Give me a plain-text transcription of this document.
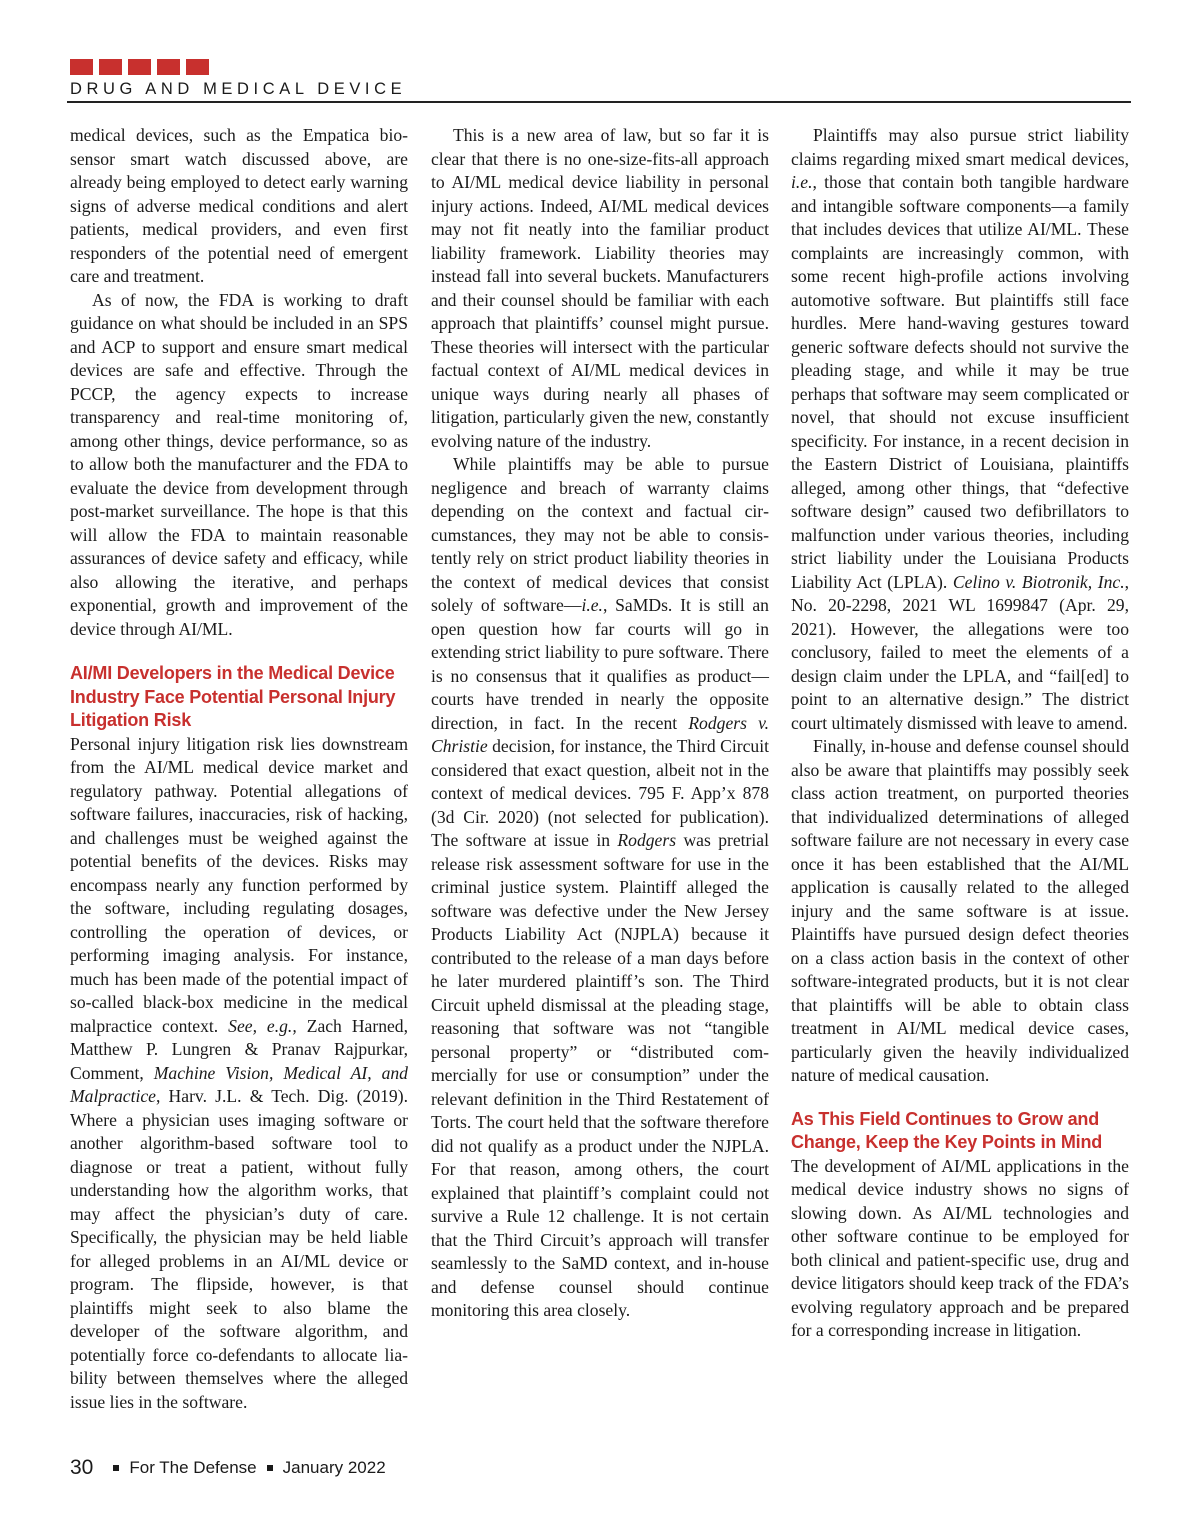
DRUG AND MEDICAL DEVICE

medical devices, such as the Empatica biosensor smart watch discussed above, are already being employed to detect early warning signs of adverse medical conditions and alert patients, medical providers, and even first responders of the potential need of emergent care and treatment.

As of now, the FDA is working to draft guidance on what should be included in an SPS and ACP to support and ensure smart medical devices are safe and effective. Through the PCCP, the agency expects to increase transparency and real-time monitoring of, among other things, device performance, so as to allow both the manufacturer and the FDA to evaluate the device from development through post-market surveillance. The hope is that this will allow the FDA to maintain reasonable assurances of device safety and efficacy, while also allowing the iterative, and perhaps exponential, growth and improvement of the device through AI/ML.

AI/MI Developers in the Medical Device Industry Face Potential Personal Injury Litigation Risk

Personal injury litigation risk lies downstream from the AI/ML medical device market and regulatory pathway. Potential allegations of software failures, inaccuracies, risk of hacking, and challenges must be weighed against the potential benefits of the devices. Risks may encompass nearly any function performed by the software, including regulating dosages, controlling the operation of devices, or performing imaging analysis. For instance, much has been made of the potential impact of so-called black-box medicine in the medical malpractice context. See, e.g., Zach Harned, Matthew P. Lungren & Pranav Rajpurkar, Comment, Machine Vision, Medical AI, and Malpractice, Harv. J.L. & Tech. Dig. (2019). Where a physician uses imaging software or another algorithm-based software tool to diagnose or treat a patient, without fully understanding how the algorithm works, that may affect the physician’s duty of care. Specifically, the physician may be held liable for alleged problems in an AI/ML device or program. The flipside, however, is that plaintiffs might seek to also blame the developer of the software algorithm, and potentially force co-defendants to allocate liability between themselves where the alleged issue lies in the software.

This is a new area of law, but so far it is clear that there is no one-size-fits-all approach to AI/ML medical device liability in personal injury actions. Indeed, AI/ML medical devices may not fit neatly into the familiar product liability framework. Liability theories may instead fall into several buckets. Manufacturers and their counsel should be familiar with each approach that plaintiffs’ counsel might pursue. These theories will intersect with the particular factual context of AI/ML medical devices in unique ways during nearly all phases of litigation, particularly given the new, constantly evolving nature of the industry.

While plaintiffs may be able to pursue negligence and breach of warranty claims depending on the context and factual circumstances, they may not be able to consistently rely on strict product liability theories in the context of medical devices that consist solely of software—i.e., SaMDs. It is still an open question how far courts will go in extending strict liability to pure software. There is no consensus that it qualifies as product—courts have trended in nearly the opposite direction, in fact. In the recent Rodgers v. Christie decision, for instance, the Third Circuit considered that exact question, albeit not in the context of medical devices. 795 F. App’x 878 (3d Cir. 2020) (not selected for publication). The software at issue in Rodgers was pretrial release risk assessment software for use in the criminal justice system. Plaintiff alleged the software was defective under the New Jersey Products Liability Act (NJPLA) because it contributed to the release of a man days before he later murdered plaintiff’s son. The Third Circuit upheld dismissal at the pleading stage, reasoning that software was not “tangible personal property” or “distributed commercially for use or consumption” under the relevant definition in the Third Restatement of Torts. The court held that the software therefore did not qualify as a product under the NJPLA. For that reason, among others, the court explained that plaintiff’s complaint could not survive a Rule 12 challenge. It is not certain that the Third Circuit’s approach will transfer seamlessly to the SaMD context, and in-house and defense counsel should continue monitoring this area closely.

Plaintiffs may also pursue strict liability claims regarding mixed smart medical devices, i.e., those that contain both tangible hardware and intangible software components—a family that includes devices that utilize AI/ML. These complaints are increasingly common, with some recent high-profile actions involving automotive software. But plaintiffs still face hurdles. Mere hand-waving gestures toward generic software defects should not survive the pleading stage, and while it may be true perhaps that software may seem complicated or novel, that should not excuse insufficient specificity. For instance, in a recent decision in the Eastern District of Louisiana, plaintiffs alleged, among other things, that “defective software design” caused two defibrillators to malfunction under various theories, including strict liability under the Louisiana Products Liability Act (LPLA). Celino v. Biotronik, Inc., No. 20-2298, 2021 WL 1699847 (Apr. 29, 2021). However, the allegations were too conclusory, failed to meet the elements of a design claim under the LPLA, and “fail[ed] to point to an alternative design.” The district court ultimately dismissed with leave to amend.

Finally, in-house and defense counsel should also be aware that plaintiffs may possibly seek class action treatment, on purported theories that individualized determinations of alleged software failure are not necessary in every case once it has been established that the AI/ML application is causally related to the alleged injury and the same software is at issue. Plaintiffs have pursued design defect theories on a class action basis in the context of other software-integrated products, but it is not clear that plaintiffs will be able to obtain class treatment in AI/ML medical device cases, particularly given the heavily individualized nature of medical causation.

As This Field Continues to Grow and Change, Keep the Key Points in Mind

The development of AI/ML applications in the medical device industry shows no signs of slowing down. As AI/ML technologies and other software continue to be employed for both clinical and patient-specific use, drug and device litigators should keep track of the FDA’s evolving regulatory approach and be prepared for a corresponding increase in litigation.

30 For The Defense January 2022
